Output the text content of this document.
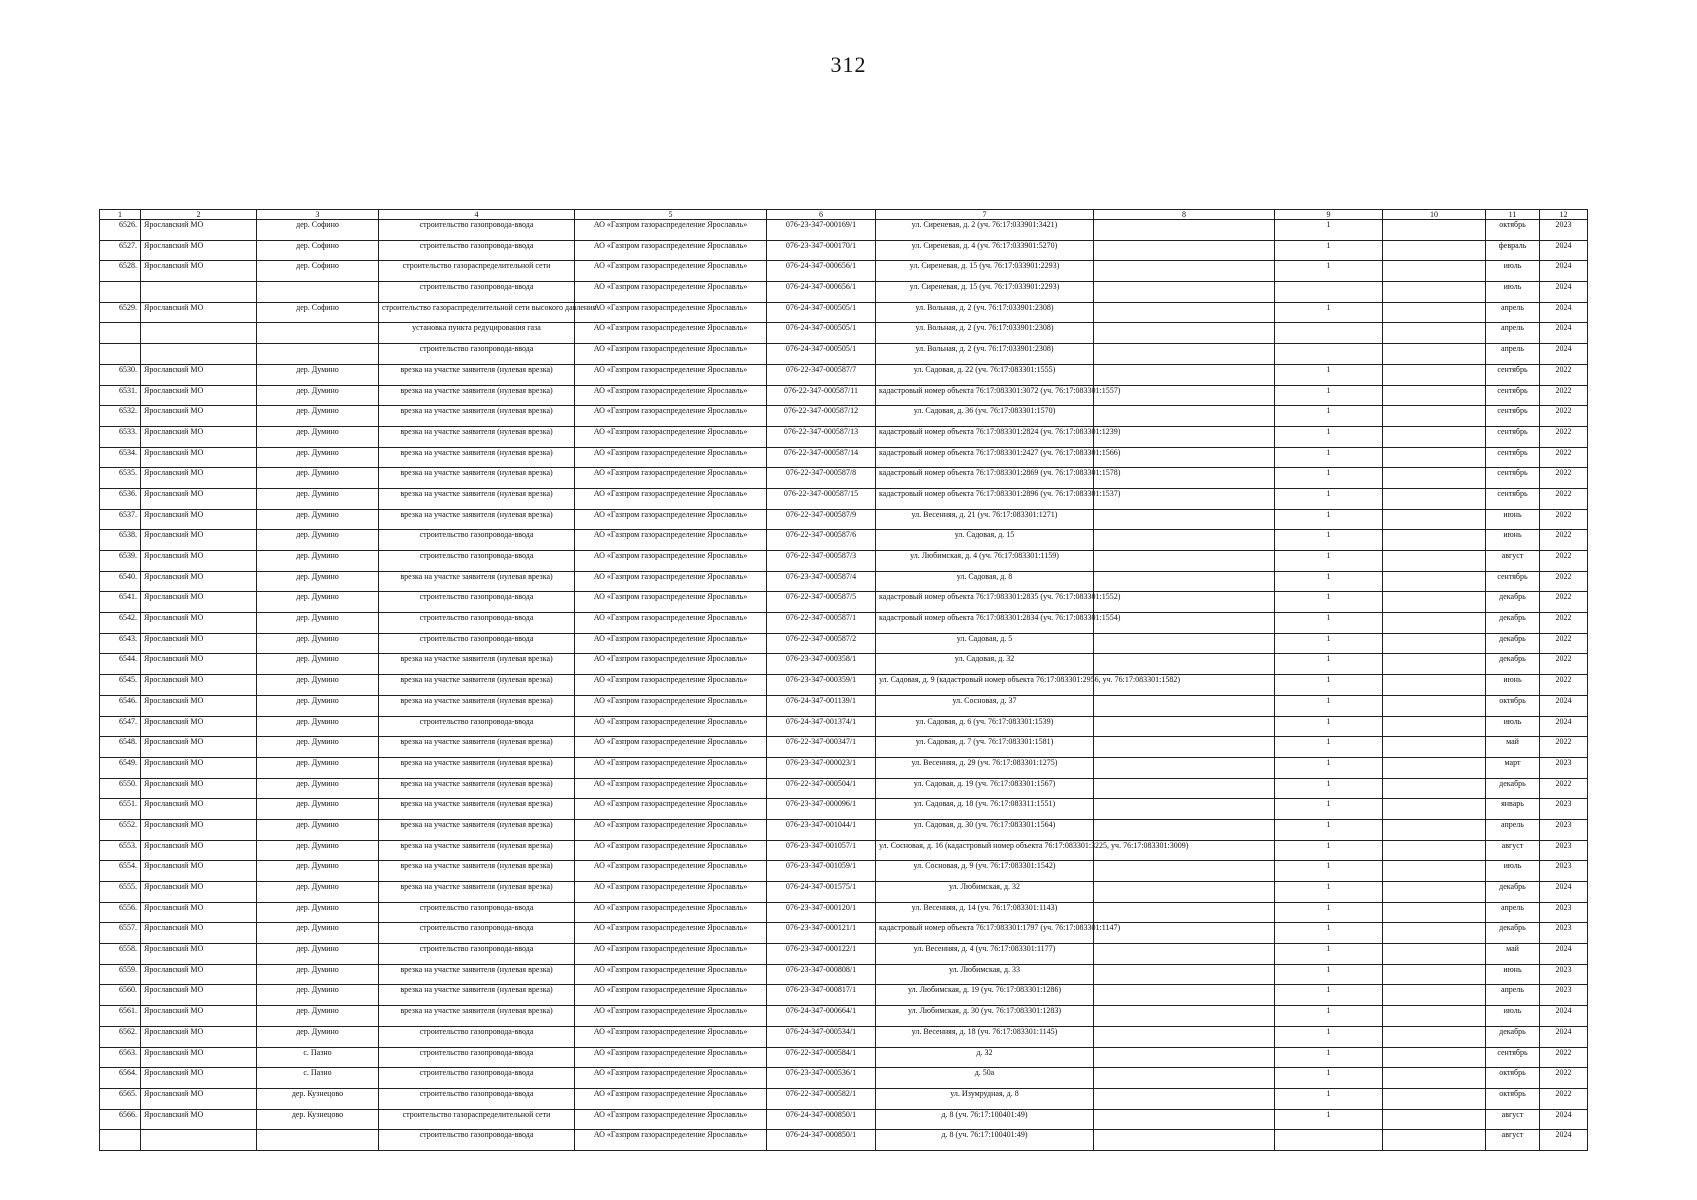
312
1	2	3	4	5	6	7	8	9	10	11	12
6526.	Ярославский МО	дер. Софино	строительство газопровода-ввода	АО «Газпром газораспределение Ярославль»	076-23-347-000169/1	ул. Сиреневая, д. 2 (уч. 76:17:033901:3421)		1		октябрь	2023
6527.	Ярославский МО	дер. Софино	строительство газопровода-ввода	АО «Газпром газораспределение Ярославль»	076-23-347-000170/1	ул. Сиреневая, д. 4 (уч. 76:17:033901:5270)		1		февраль	2024
6528.	Ярославский МО	дер. Софино	строительство газораспределительной сети	АО «Газпром газораспределение Ярославль»	076-24-347-000656/1	ул. Сиреневая, д. 15 (уч. 76:17:033901:2293)		1		июль	2024
			строительство газопровода-ввода	АО «Газпром газораспределение Ярославль»	076-24-347-000656/1	ул. Сиреневая, д. 15 (уч. 76:17:033901:2293)				июль	2024
6529.	Ярославский МО	дер. Софино	строительство газораспределительной сети высокого давления	АО «Газпром газораспределение Ярославль»	076-24-347-000505/1	ул. Вольная, д. 2 (уч. 76:17:033901:2308)		1		апрель	2024
			установка пункта редуцирования газа	АО «Газпром газораспределение Ярославль»	076-24-347-000505/1	ул. Вольная, д. 2 (уч. 76:17:033901:2308)				апрель	2024
			строительство газопровода-ввода	АО «Газпром газораспределение Ярославль»	076-24-347-000505/1	ул. Вольная, д. 2 (уч. 76:17:033901:2308)				апрель	2024
6530.	Ярославский МО	дер. Думино	врезка на участке заявителя (нулевая врезка)	АО «Газпром газораспределение Ярославль»	076-22-347-000587/7	ул. Садовая, д. 22 (уч. 76:17:083301:1555)		1		сентябрь	2022
6531.	Ярославский МО	дер. Думино	врезка на участке заявителя (нулевая врезка)	АО «Газпром газораспределение Ярославль»	076-22-347-000587/11	кадастровый номер объекта 76:17:083301:3072 (уч. 76:17:083301:1557)		1		сентябрь	2022
6532.	Ярославский МО	дер. Думино	врезка на участке заявителя (нулевая врезка)	АО «Газпром газораспределение Ярославль»	076-22-347-000587/12	ул. Садовая, д. 36 (уч. 76:17:083301:1570)		1		сентябрь	2022
6533.	Ярославский МО	дер. Думино	врезка на участке заявителя (нулевая врезка)	АО «Газпром газораспределение Ярославль»	076-22-347-000587/13	кадастровый номер объекта 76:17:083301:2824 (уч. 76:17:083301:1239)		1		сентябрь	2022
6534.	Ярославский МО	дер. Думино	врезка на участке заявителя (нулевая врезка)	АО «Газпром газораспределение Ярославль»	076-22-347-000587/14	кадастровый номер объекта 76:17:083301:2427 (уч. 76:17:083301:1566)		1		сентябрь	2022
6535.	Ярославский МО	дер. Думино	врезка на участке заявителя (нулевая врезка)	АО «Газпром газораспределение Ярославль»	076-22-347-000587/8	кадастровый номер объекта 76:17:083301:2869 (уч. 76:17:083301:1578)		1		сентябрь	2022
6536.	Ярославский МО	дер. Думино	врезка на участке заявителя (нулевая врезка)	АО «Газпром газораспределение Ярославль»	076-22-347-000587/15	кадастровый номер объекта 76:17:083301:2896 (уч. 76:17:083301:1537)		1		сентябрь	2022
6537.	Ярославский МО	дер. Думино	врезка на участке заявителя (нулевая врезка)	АО «Газпром газораспределение Ярославль»	076-22-347-000587/9	ул. Весенняя, д. 21 (уч. 76:17:083301:1271)		1		июнь	2022
6538.	Ярославский МО	дер. Думино	строительство газопровода-ввода	АО «Газпром газораспределение Ярославль»	076-22-347-000587/6	ул. Садовая, д. 15		1		июнь	2022
6539.	Ярославский МО	дер. Думино	строительство газопровода-ввода	АО «Газпром газораспределение Ярославль»	076-22-347-000587/3	ул. Любимская, д. 4 (уч. 76:17:083301:1159)		1		август	2022
6540.	Ярославский МО	дер. Думино	врезка на участке заявителя (нулевая врезка)	АО «Газпром газораспределение Ярославль»	076-23-347-000587/4	ул. Садовая, д. 8		1		сентябрь	2022
6541.	Ярославский МО	дер. Думино	строительство газопровода-ввода	АО «Газпром газораспределение Ярославль»	076-22-347-000587/5	кадастровый номер объекта 76:17:083301:2835 (уч. 76:17:083301:1552)		1		декабрь	2022
6542.	Ярославский МО	дер. Думино	строительство газопровода-ввода	АО «Газпром газораспределение Ярославль»	076-22-347-000587/1	кадастровый номер объекта 76:17:083301:2834 (уч. 76:17:083301:1554)		1		декабрь	2022
6543.	Ярославский МО	дер. Думино	строительство газопровода-ввода	АО «Газпром газораспределение Ярославль»	076-22-347-000587/2	ул. Садовая, д. 5		1		декабрь	2022
6544.	Ярославский МО	дер. Думино	врезка на участке заявителя (нулевая врезка)	АО «Газпром газораспределение Ярославль»	076-23-347-000358/1	ул. Садовая, д. 32		1		декабрь	2022
6545.	Ярославский МО	дер. Думино	врезка на участке заявителя (нулевая врезка)	АО «Газпром газораспределение Ярославль»	076-23-347-000359/1	ул. Садовая, д. 9 (кадастровый номер объекта 76:17:083301:2956, уч. 76:17:083301:1582)		1		июнь	2022
6546.	Ярославский МО	дер. Думино	врезка на участке заявителя (нулевая врезка)	АО «Газпром газораспределение Ярославль»	076-24-347-001139/1	ул. Сосновая, д. 37		1		октябрь	2024
6547.	Ярославский МО	дер. Думино	строительство газопровода-ввода	АО «Газпром газораспределение Ярославль»	076-24-347-001374/1	ул. Садовая, д. 6 (уч. 76:17:083301:1539)		1		июль	2024
6548.	Ярославский МО	дер. Думино	врезка на участке заявителя (нулевая врезка)	АО «Газпром газораспределение Ярославль»	076-22-347-000347/1	ул. Садовая, д. 7 (уч. 76:17:083301:1581)		1		май	2022
6549.	Ярославский МО	дер. Думино	врезка на участке заявителя (нулевая врезка)	АО «Газпром газораспределение Ярославль»	076-23-347-000023/1	ул. Весенняя, д. 29 (уч. 76:17:083301:1275)		1		март	2023
6550.	Ярославский МО	дер. Думино	врезка на участке заявителя (нулевая врезка)	АО «Газпром газораспределение Ярославль»	076-22-347-000504/1	ул. Садовая, д. 19 (уч. 76:17:083301:1567)		1		декабрь	2022
6551.	Ярославский МО	дер. Думино	врезка на участке заявителя (нулевая врезка)	АО «Газпром газораспределение Ярославль»	076-23-347-000096/1	ул. Садовая, д. 18 (уч. 76:17:083311:1551)		1		январь	2023
6552.	Ярославский МО	дер. Думино	врезка на участке заявителя (нулевая врезка)	АО «Газпром газораспределение Ярославль»	076-23-347-001044/1	ул. Садовая, д. 30 (уч. 76:17:083301:1564)		1		апрель	2023
6553.	Ярославский МО	дер. Думино	врезка на участке заявителя (нулевая врезка)	АО «Газпром газораспределение Ярославль»	076-23-347-001057/1	ул. Сосновая, д. 16 (кадастровый номер объекта 76:17:083301:3225, уч. 76:17:083301:3009)		1		август	2023
6554.	Ярославский МО	дер. Думино	врезка на участке заявителя (нулевая врезка)	АО «Газпром газораспределение Ярославль»	076-23-347-001059/1	ул. Сосновая, д. 9 (уч. 76:17:083301:1542)		1		июль	2023
6555.	Ярославский МО	дер. Думино	врезка на участке заявителя (нулевая врезка)	АО «Газпром газораспределение Ярославль»	076-24-347-001575/1	ул. Любимская, д. 32		1		декабрь	2024
6556.	Ярославский МО	дер. Думино	строительство газопровода-ввода	АО «Газпром газораспределение Ярославль»	076-23-347-000120/1	ул. Весенняя, д. 14 (уч. 76:17:083301:1143)		1		апрель	2023
6557.	Ярославский МО	дер. Думино	строительство газопровода-ввода	АО «Газпром газораспределение Ярославль»	076-23-347-000121/1	кадастровый номер объекта 76:17:083301:1797 (уч. 76:17:083301:1147)		1		декабрь	2023
6558.	Ярославский МО	дер. Думино	строительство газопровода-ввода	АО «Газпром газораспределение Ярославль»	076-23-347-000122/1	ул. Весенняя, д. 4 (уч. 76:17:083301:1177)		1		май	2024
6559.	Ярославский МО	дер. Думино	врезка на участке заявителя (нулевая врезка)	АО «Газпром газораспределение Ярославль»	076-23-347-000808/1	ул. Любимская, д. 33		1		июнь	2023
6560.	Ярославский МО	дер. Думино	врезка на участке заявителя (нулевая врезка)	АО «Газпром газораспределение Ярославль»	076-23-347-000817/1	ул. Любимская, д. 19 (уч. 76:17:083301:1286)		1		апрель	2023
6561.	Ярославский МО	дер. Думино	врезка на участке заявителя (нулевая врезка)	АО «Газпром газораспределение Ярославль»	076-24-347-000664/1	ул. Любимская, д. 30 (уч. 76:17:083301:1283)		1		июль	2024
6562.	Ярославский МО	дер. Думино	строительство газопровода-ввода	АО «Газпром газораспределение Ярославль»	076-24-347-000534/1	ул. Весенняя, д. 18 (уч. 76:17:083301:1145)		1		декабрь	2024
6563.	Ярославский МО	с. Пазно	строительство газопровода-ввода	АО «Газпром газораспределение Ярославль»	076-22-347-000584/1	д. 32		1		сентябрь	2022
6564.	Ярославский МО	с. Пазно	строительство газопровода-ввода	АО «Газпром газораспределение Ярославль»	076-23-347-000536/1	д. 50а		1		октябрь	2022
6565.	Ярославский МО	дер. Кузнецово	строительство газопровода-ввода	АО «Газпром газораспределение Ярославль»	076-22-347-000582/1	ул. Изумрудная, д. 8		1		октябрь	2022
6566.	Ярославский МО	дер. Кузнецово	строительство газораспределительной сети	АО «Газпром газораспределение Ярославль»	076-24-347-000850/1	д. 8 (уч. 76:17:100401:49)		1		август	2024
			строительство газопровода-ввода	АО «Газпром газораспределение Ярославль»	076-24-347-000850/1	д. 8 (уч. 76:17:100401:49)				август	2024
